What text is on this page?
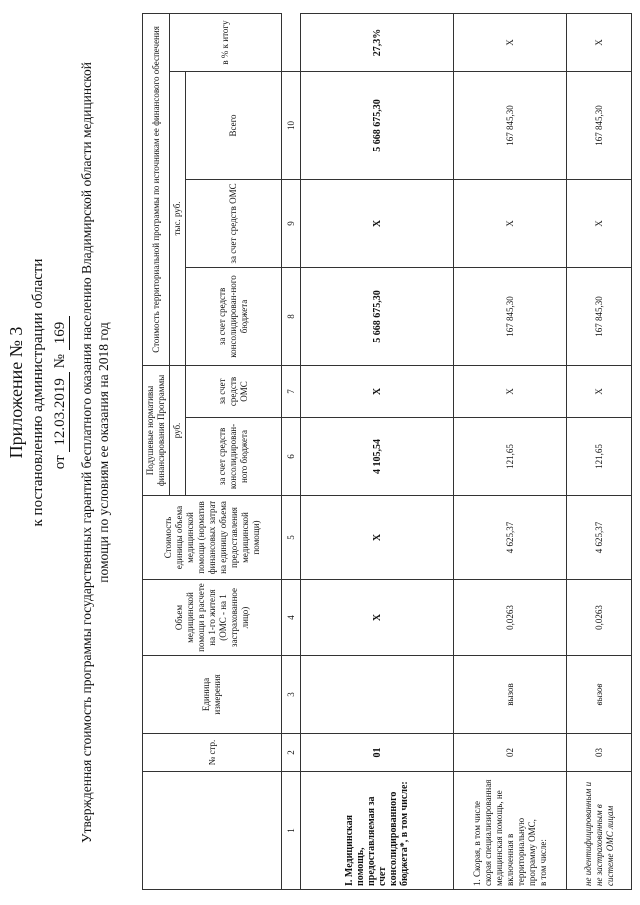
Приложение № 3 к постановлению администрации области от 12.03.2019 № 169 Утвержденная стоимость программы государственных гарантий бесплатного оказания населению Владимирской области медицинской помощи по условиям ее оказания на 2018 год
	№ стр.	Единица измерения	Объем медицинской помощи в расчете на 1-го жителя (ОМС - на 1 застрахованное лицо)	Стоимость единицы объема медицинской помощи (норматив финансовых затрат на единицу объема предоставления медицинской помощи)	Подушевые нормативы финансирования Программы		Стоимость территориальной программы по источникам ее финансового обеспечения			
					руб.		тыс. руб.			в % к итогу
					за счет средств консолидирован-ного бюджета	за счет средств ОМС	за счет средств консолидирован-ного бюджета	за счет средств ОМС	Всего	
1	2	3	4	5	6	7	8	9	10	
I. Медицинская помощь, предоставляемая за счет консолидированного бюджета*, в том числе:	01		X	X	4 105,54	X	5 668 675,30	X	5 668 675,30	27,3%
1. Скорая, в том числе скорая специализированная медицинская помощь, не включенная в территориальную программу ОМС,
в том числе:	02	вызов	0,0263	4 625,37	121,65	X	167 845,30	X	167 845,30	X
не идентифицированным и не застрахованным в системе ОМС лицам	03	вызов	0,0263	4 625,37	121,65	X	167 845,30	X	167 845,30	X
